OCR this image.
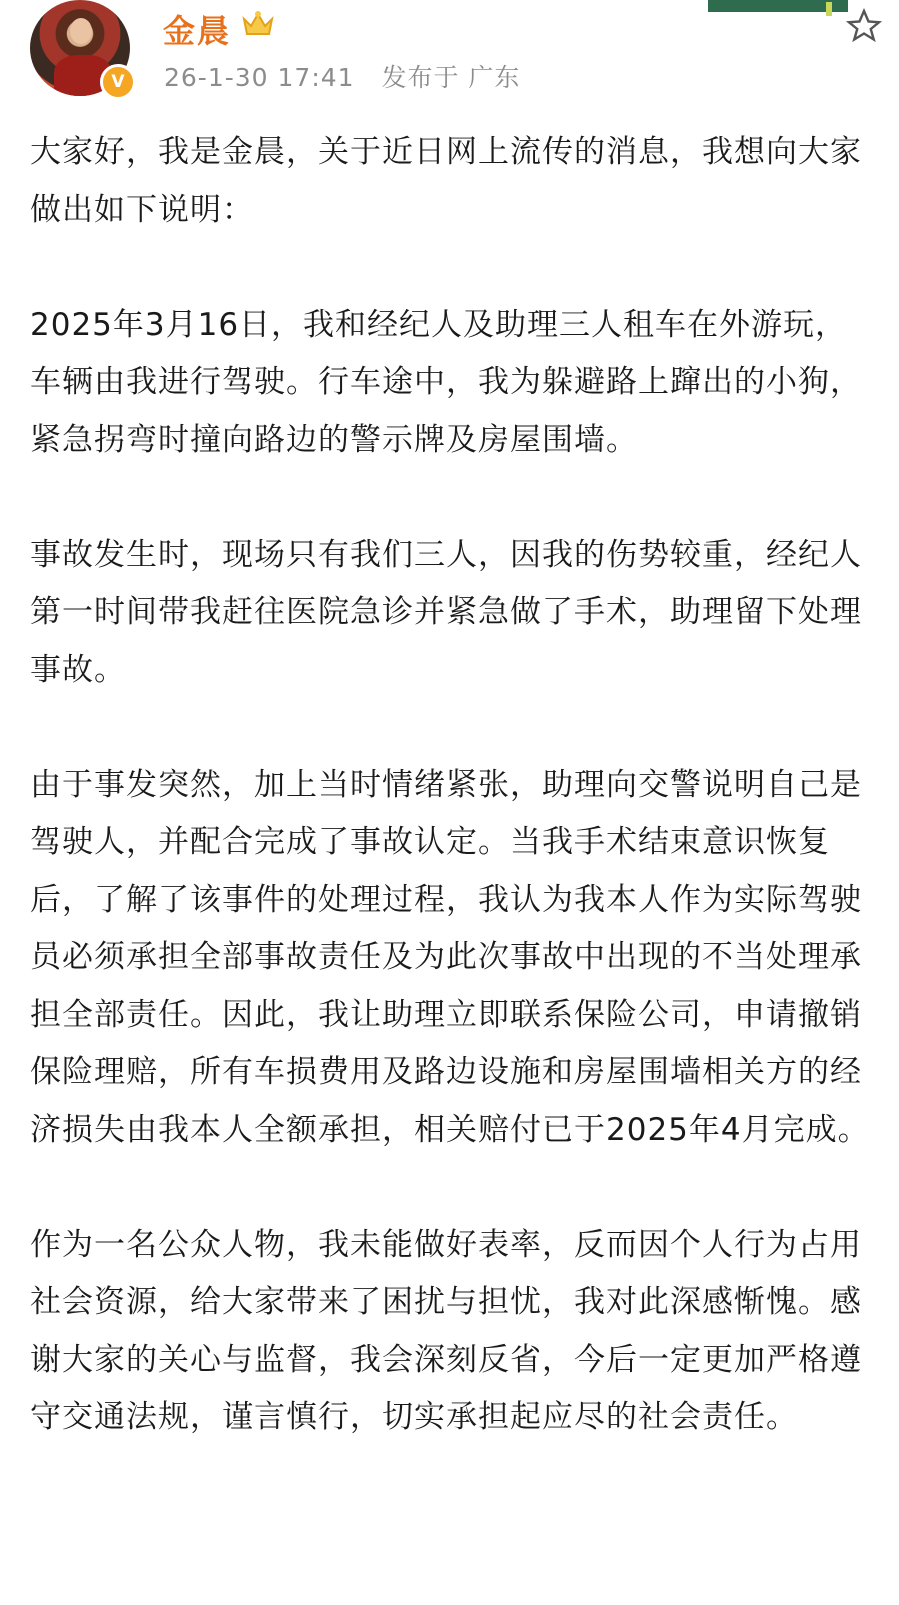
V
金晨
26-1-30 17:41 发布于 广东

大家好，我是金晨，关于近日网上流传的消息，我想向大家做出如下说明：

2025年3月16日，我和经纪人及助理三人租车在外游玩，车辆由我进行驾驶。行车途中，我为躲避路上蹿出的小狗，紧急拐弯时撞向路边的警示牌及房屋围墙。

事故发生时，现场只有我们三人，因我的伤势较重，经纪人第一时间带我赶往医院急诊并紧急做了手术，助理留下处理事故。

由于事发突然，加上当时情绪紧张，助理向交警说明自己是驾驶人，并配合完成了事故认定。当我手术结束意识恢复后，了解了该事件的处理过程，我认为我本人作为实际驾驶员必须承担全部事故责任及为此次事故中出现的不当处理承担全部责任。因此，我让助理立即联系保险公司，申请撤销保险理赔，所有车损费用及路边设施和房屋围墙相关方的经济损失由我本人全额承担，相关赔付已于2025年4月完成。

作为一名公众人物，我未能做好表率，反而因个人行为占用社会资源，给大家带来了困扰与担忧，我对此深感惭愧。感谢大家的关心与监督，我会深刻反省，今后一定更加严格遵守交通法规，谨言慎行，切实承担起应尽的社会责任。
